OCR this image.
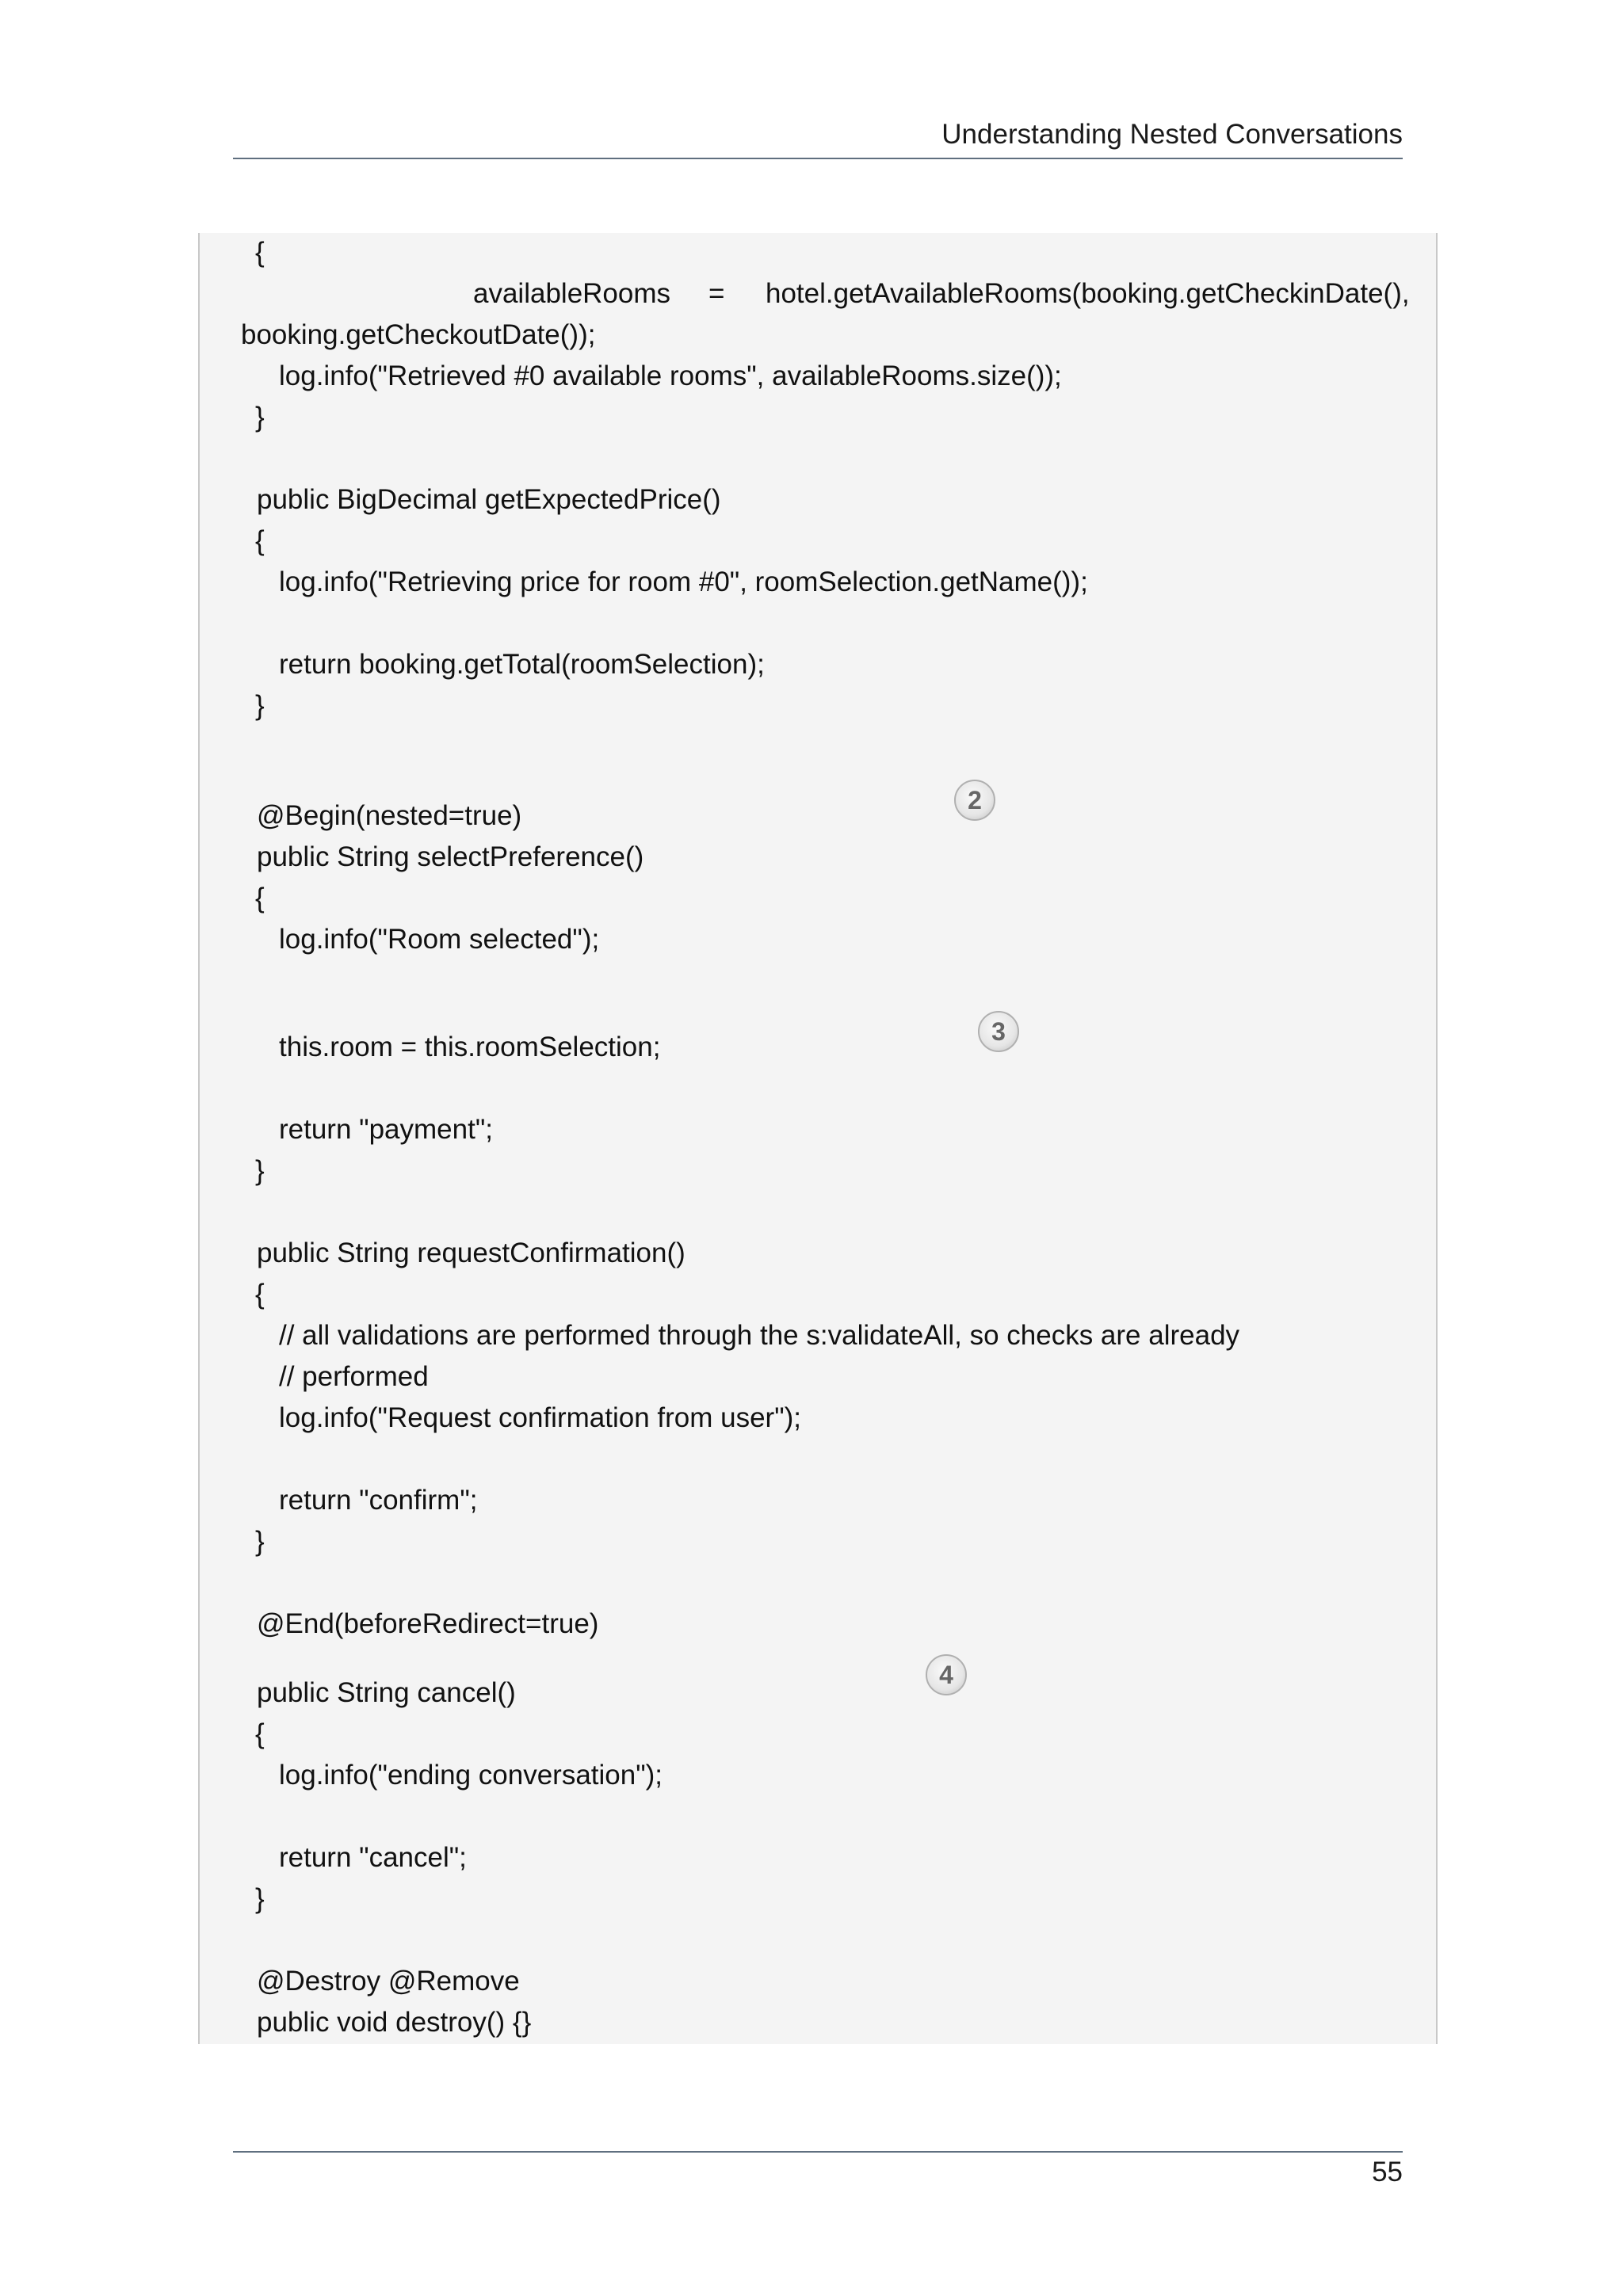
Understanding Nested Conversations
{
availableRooms = hotel.getAvailableRooms(booking.getCheckinDate(),
booking.getCheckoutDate());
log.info("Retrieved #0 available rooms", availableRooms.size());
}
public BigDecimal getExpectedPrice()
{
log.info("Retrieving price for room #0", roomSelection.getName());
return booking.getTotal(roomSelection);
}
@Begin(nested=true)
public String selectPreference()
{
log.info("Room selected");
this.room = this.roomSelection;
return "payment";
}
public String requestConfirmation()
{
// all validations are performed through the s:validateAll, so checks are already
// performed
log.info("Request confirmation from user");
return "confirm";
}
@End(beforeRedirect=true)
public String cancel()
{
log.info("ending conversation");
return "cancel";
}
@Destroy @Remove
public void destroy() {}
2
3
4
55
